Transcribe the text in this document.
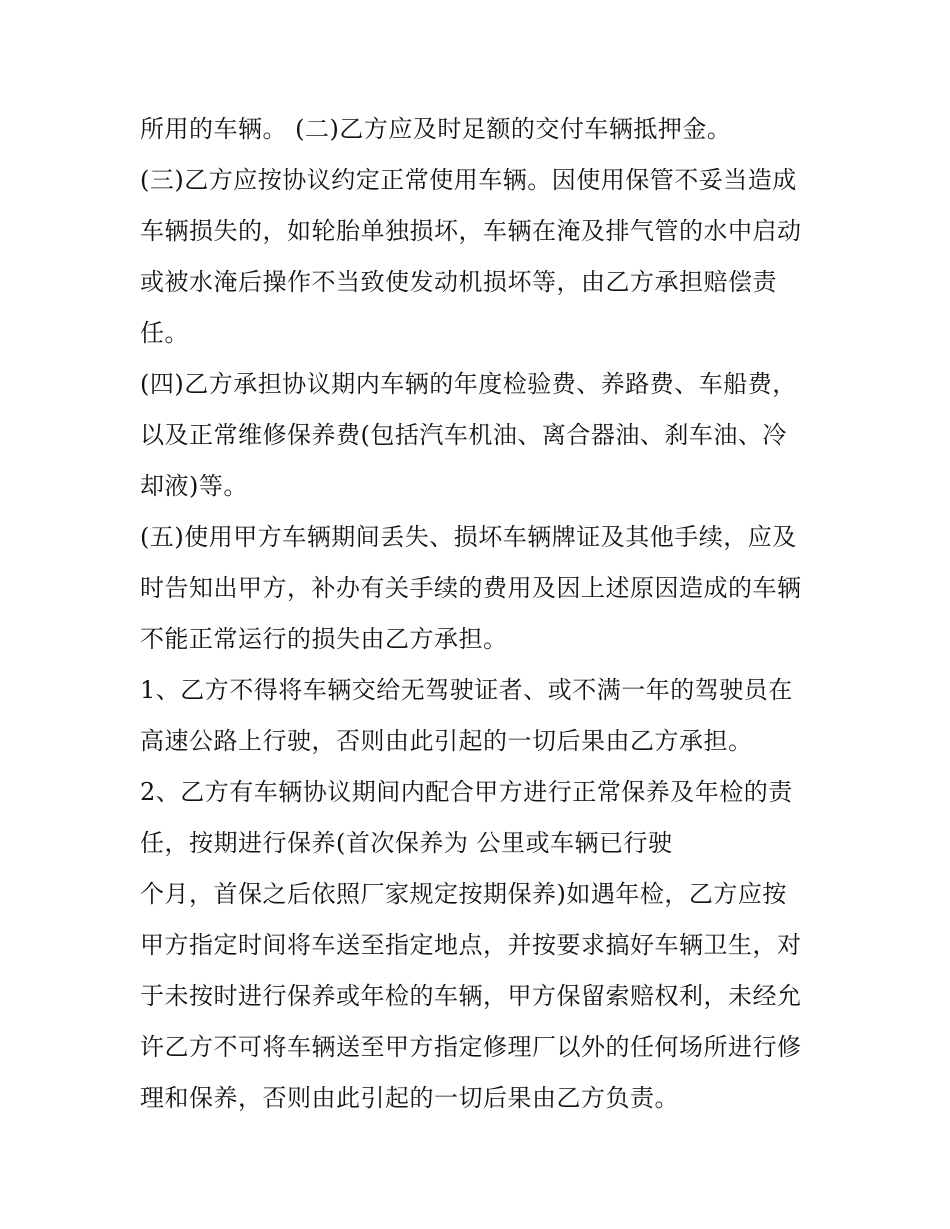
所用的车辆。 (二)乙方应及时足额的交付车辆抵押金。
(三)乙方应按协议约定正常使用车辆。因使用保管不妥当造成
车辆损失的，如轮胎单独损坏，车辆在淹及排气管的水中启动
或被水淹后操作不当致使发动机损坏等，由乙方承担赔偿责
任。
(四)乙方承担协议期内车辆的年度检验费、养路费、车船费，
以及正常维修保养费(包括汽车机油、离合器油、刹车油、冷
却液)等。
(五)使用甲方车辆期间丢失、损坏车辆牌证及其他手续，应及
时告知出甲方，补办有关手续的费用及因上述原因造成的车辆
不能正常运行的损失由乙方承担。
1、乙方不得将车辆交给无驾驶证者、或不满一年的驾驶员在
高速公路上行驶，否则由此引起的一切后果由乙方承担。
2、乙方有车辆协议期间内配合甲方进行正常保养及年检的责
任，按期进行保养(首次保养为 公里或车辆已行驶
个月，首保之后依照厂家规定按期保养)如遇年检，乙方应按
甲方指定时间将车送至指定地点，并按要求搞好车辆卫生，对
于未按时进行保养或年检的车辆，甲方保留索赔权利，未经允
许乙方不可将车辆送至甲方指定修理厂以外的任何场所进行修
理和保养，否则由此引起的一切后果由乙方负责。
